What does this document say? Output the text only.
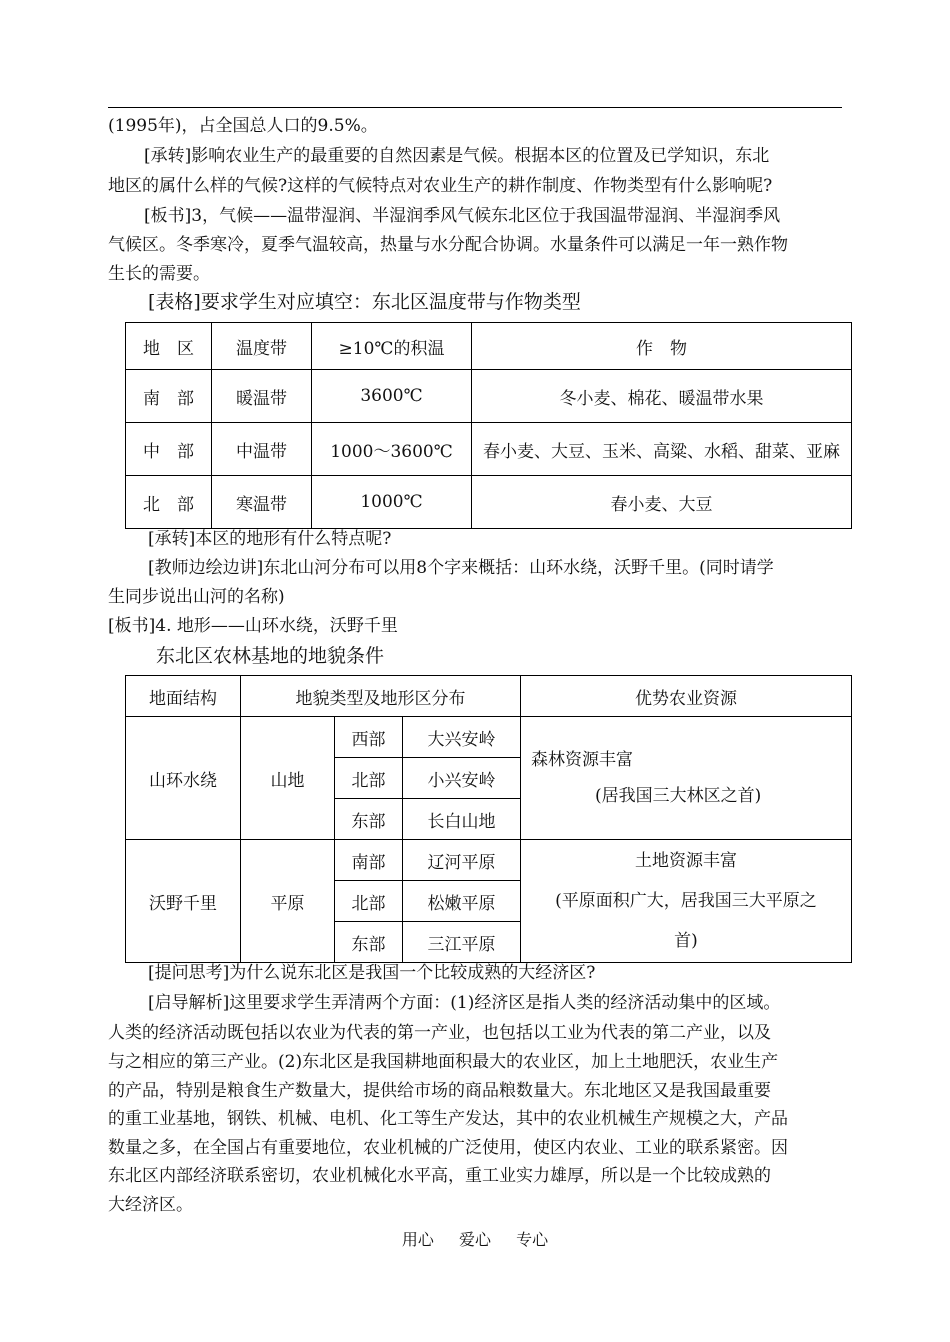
(1995年)，占全国总人口的9.5%。
[承转]影响农业生产的最重要的自然因素是气候。根据本区的位置及已学知识，东北
地区的属什么样的气候?这样的气候特点对农业生产的耕作制度、作物类型有什么影响呢?
[板书]3，气候——温带湿润、半湿润季风气候东北区位于我国温带湿润、半湿润季风
气候区。冬季寒冷，夏季气温较高，热量与水分配合协调。水量条件可以满足一年一熟作物
生长的需要。
[表格]要求学生对应填空：东北区温度带与作物类型
地　区	温度带	≥10℃的积温	作　物
南　部	暖温带	3600℃	冬小麦、棉花、暖温带水果
中　部	中温带	1000～3600℃	春小麦、大豆、玉米、高粱、水稻、甜菜、亚麻
北　部	寒温带	1000℃	春小麦、大豆
[承转]本区的地形有什么特点呢?
[教师边绘边讲]东北山河分布可以用8个字来概括：山环水绕，沃野千里。(同时请学
生同步说出山河的名称)
[板书]4. 地形——山环水绕，沃野千里
东北区农林基地的地貌条件
地面结构	地貌类型及地形区分布			优势农业资源
山环水绕	山地	西部	大兴安岭	森林资源丰富
(居我国三大林区之首)

		北部	小兴安岭	
		东部	长白山地	
沃野千里	平原	南部	辽河平原	土地资源丰富
(平原面积广大，居我国三大平原之
首)

		北部	松嫩平原	
		东部	三江平原	
[提问思考]为什么说东北区是我国一个比较成熟的大经济区?
[启导解析]这里要求学生弄清两个方面：(1)经济区是指人类的经济活动集中的区域。
人类的经济活动既包括以农业为代表的第一产业，也包括以工业为代表的第二产业，以及
与之相应的第三产业。(2)东北区是我国耕地面积最大的农业区，加上土地肥沃，农业生产
的产品，特别是粮食生产数量大，提供给市场的商品粮数量大。东北地区又是我国最重要
的重工业基地，钢铁、机械、电机、化工等生产发达，其中的农业机械生产规模之大，产品
数量之多，在全国占有重要地位，农业机械的广泛使用，使区内农业、工业的联系紧密。因
东北区内部经济联系密切，农业机械化水平高，重工业实力雄厚，所以是一个比较成熟的
大经济区。
用心 爱心 专心
